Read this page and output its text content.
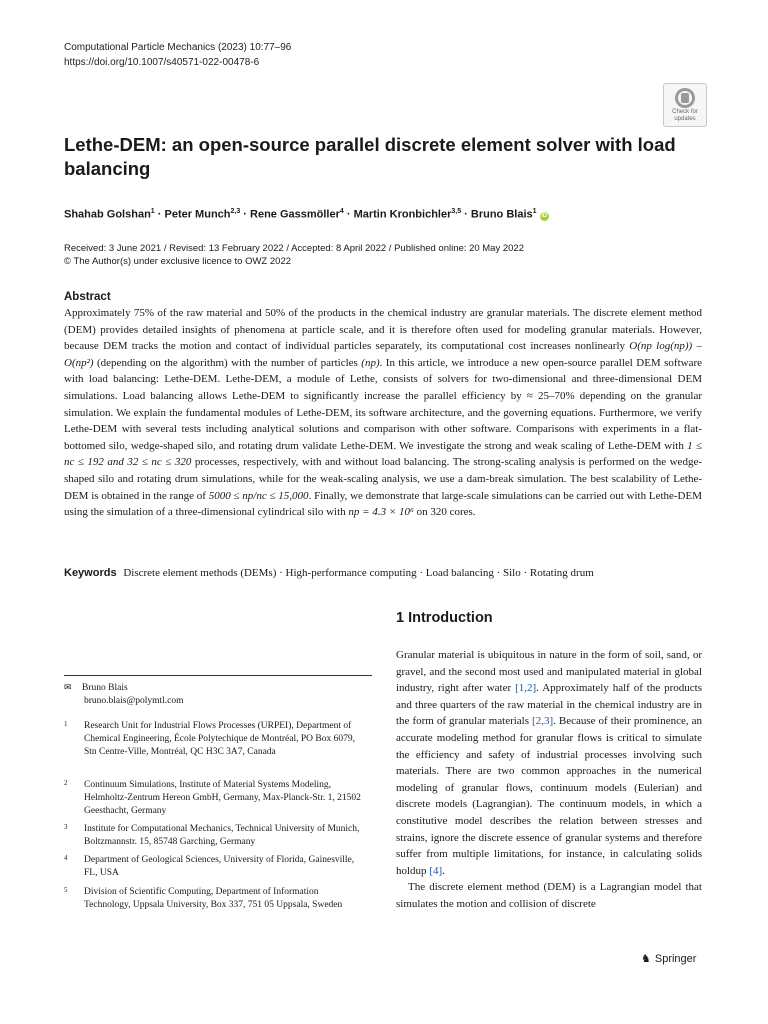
Computational Particle Mechanics (2023) 10:77–96
https://doi.org/10.1007/s40571-022-00478-6
Check for
updates
Lethe-DEM: an open-source parallel discrete element solver with load balancing
Shahab Golshan$^1$ · Peter Munch$^{2,3}$ · Rene Gassmöller$^4$ · Martin Kronbichler$^{3,5}$ · Bruno Blais$^1$ iD
Received: 3 June 2021 / Revised: 13 February 2022 / Accepted: 8 April 2022 / Published online: 20 May 2022
© The Author(s) under exclusive licence to OWZ 2022
Abstract
Approximately 75% of the raw material and 50% of the products in the chemical industry are granular materials. The discrete element method (DEM) provides detailed insights of phenomena at particle scale, and it is therefore often used for modeling granular materials. However, because DEM tracks the motion and contact of individual particles separately, its computational cost increases nonlinearly O(np log(np)) – O(np²) (depending on the algorithm) with the number of particles (np). In this article, we introduce a new open-source parallel DEM software with load balancing: Lethe-DEM. Lethe-DEM, a module of Lethe, consists of solvers for two-dimensional and three-dimensional DEM simulations. Load balancing allows Lethe-DEM to significantly increase the parallel efficiency by ≈ 25–70% depending on the granular simulation. We explain the fundamental modules of Lethe-DEM, its software architecture, and the governing equations. Furthermore, we verify Lethe-DEM with several tests including analytical solutions and comparison with other software. Comparisons with experiments in a flat-bottomed silo, wedge-shaped silo, and rotating drum validate Lethe-DEM. We investigate the strong and weak scaling of Lethe-DEM with 1 ≤ nc ≤ 192 and 32 ≤ nc ≤ 320 processes, respectively, with and without load balancing. The strong-scaling analysis is performed on the wedge-shaped silo and rotating drum simulations, while for the weak-scaling analysis, we use a dam-break simulation. The best scalability of Lethe-DEM is obtained in the range of 5000 ≤ np/nc ≤ 15,000. Finally, we demonstrate that large-scale simulations can be carried out with Lethe-DEM using the simulation of a three-dimensional cylindrical silo with np = 4.3 × 10⁶ on 320 cores.
Keywords Discrete element methods (DEMs) · High-performance computing · Load balancing · Silo · Rotating drum
1 Introduction

Granular material is ubiquitous in nature in the form of soil, sand, or gravel, and the second most used and manipulated material in global industry, right after water [1,2]. Approximately half of the products and three quarters of the raw material in the chemical industry are in the form of granular materials [2,3]. Because of their prominence, an accurate modeling method for granular flows is critical to simulate the efficiency and safety of industrial processes involving such materials. There are two common approaches in the numerical modeling of granular flows, continuum models (Eulerian) and discrete models (Lagrangian). The continuum models, in which a constitutive model describes the relation between stresses and strains, ignore the discrete essence of granular systems and therefore suffer from multiple limitations, for instance, in calculating solids holdup [4].

The discrete element method (DEM) is a Lagrangian model that simulates the motion and collision of discrete

✉ Bruno Blais
bruno.blais@polymtl.com
1 Research Unit for Industrial Flows Processes (URPEI), Department of Chemical Engineering, École Polytechique de Montréal, PO Box 6079, Stn Centre-Ville, Montréal, QC H3C 3A7, Canada
2 Continuum Simulations, Institute of Material Systems Modeling, Helmholtz-Zentrum Hereon GmbH, Germany, Max-Planck-Str. 1, 21502 Geesthacht, Germany
3 Institute for Computational Mechanics, Technical University of Munich, Boltzmannstr. 15, 85748 Garching, Germany
4 Department of Geological Sciences, University of Florida, Gainesville, FL, USA
5 Division of Scientific Computing, Department of Information Technology, Uppsala University, Box 337, 751 05 Uppsala, Sweden
♞ Springer
